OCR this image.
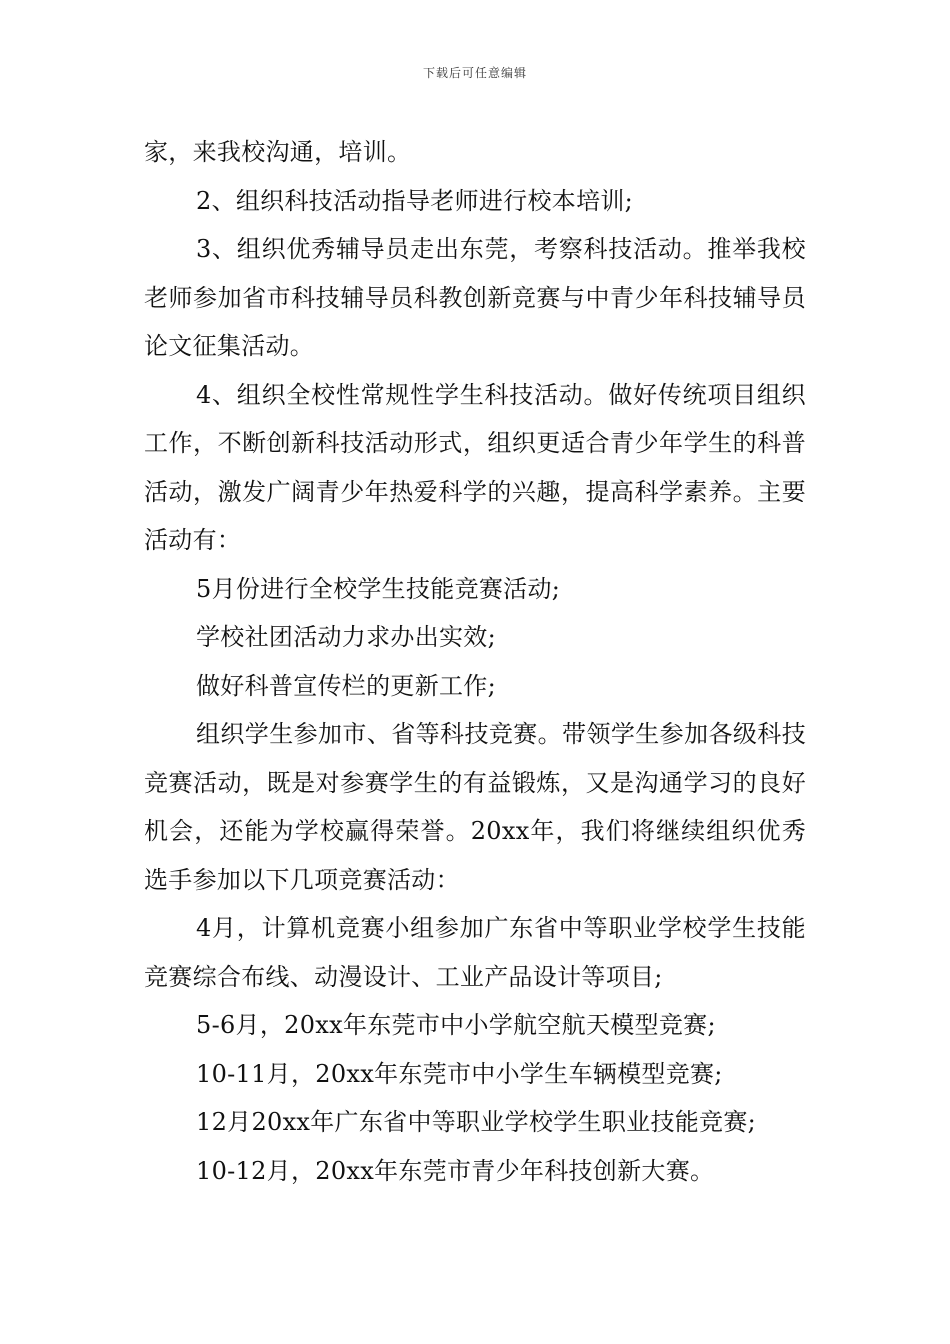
下载后可任意编辑

家，来我校沟通，培训。

2、组织科技活动指导老师进行校本培训;

3、组织优秀辅导员走出东莞，考察科技活动。推举我校老师参加省市科技辅导员科教创新竞赛与中青少年科技辅导员论文征集活动。

4、组织全校性常规性学生科技活动。做好传统项目组织工作，不断创新科技活动形式，组织更适合青少年学生的科普活动，激发广阔青少年热爱科学的兴趣，提高科学素养。主要活动有：

5月份进行全校学生技能竞赛活动;

学校社团活动力求办出实效;

做好科普宣传栏的更新工作;

组织学生参加市、省等科技竞赛。带领学生参加各级科技竞赛活动，既是对参赛学生的有益锻炼，又是沟通学习的良好机会，还能为学校赢得荣誉。20xx年，我们将继续组织优秀选手参加以下几项竞赛活动：

4月，计算机竞赛小组参加广东省中等职业学校学生技能竞赛综合布线、动漫设计、工业产品设计等项目;

5-6月，20xx年东莞市中小学航空航天模型竞赛;

10-11月，20xx年东莞市中小学生车辆模型竞赛;

12月20xx年广东省中等职业学校学生职业技能竞赛;

10-12月，20xx年东莞市青少年科技创新大赛。
